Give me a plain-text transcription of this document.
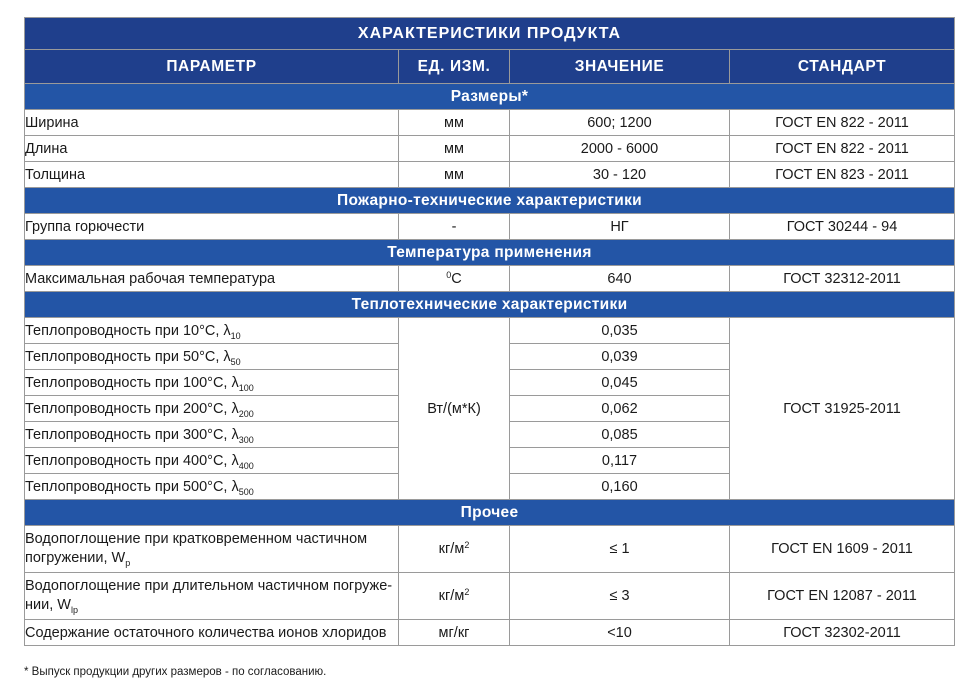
ХАРАКТЕРИСТИКИ ПРОДУКТА			
ПАРАМЕТР	ЕД. ИЗМ.	ЗНАЧЕНИЕ	СТАНДАРТ
Размеры*			
Ширина	мм	600; 1200	ГОСТ EN 822 - 2011
Длина	мм	2000 - 6000	ГОСТ EN 822 - 2011
Толщина	мм	30 - 120	ГОСТ EN 823 - 2011
Пожарно-технические характеристики			
Группа горючести	-	НГ	ГОСТ 30244 - 94
Температура применения			
Максимальная рабочая температура	$^0$С	640	ГОСТ 32312-2011
Теплотехнические характеристики			
Теплопроводность при 10°С, $\lambda_{10}$	Вт/(м*К)	0,035	ГОСТ 31925-2011
Теплопроводность при 50°С, $\lambda_{50}$		0,039	
Теплопроводность при 100°С, $\lambda_{100}$		0,045	
Теплопроводность при 200°С, $\lambda_{200}$		0,062	
Теплопроводность при 300°С, $\lambda_{300}$		0,085	
Теплопроводность при 400°С, $\lambda_{400}$		0,117	
Теплопроводность при 500°С, $\lambda_{500}$		0,160	
Прочее			
Водопоглощение при кратковременном частичном
погружении, $W_p$	$кг/м^2$	≤ 1	ГОСТ EN 1609 - 2011
Водопоглощение при длительном частичном погруже-
нии, $W_{lp}$	$кг/м^2$	≤ 3	ГОСТ EN 12087 - 2011
Содержание остаточного количества ионов хлоридов	мг/кг	<10	ГОСТ 32302-2011
* Выпуск продукции других размеров - по согласованию.
